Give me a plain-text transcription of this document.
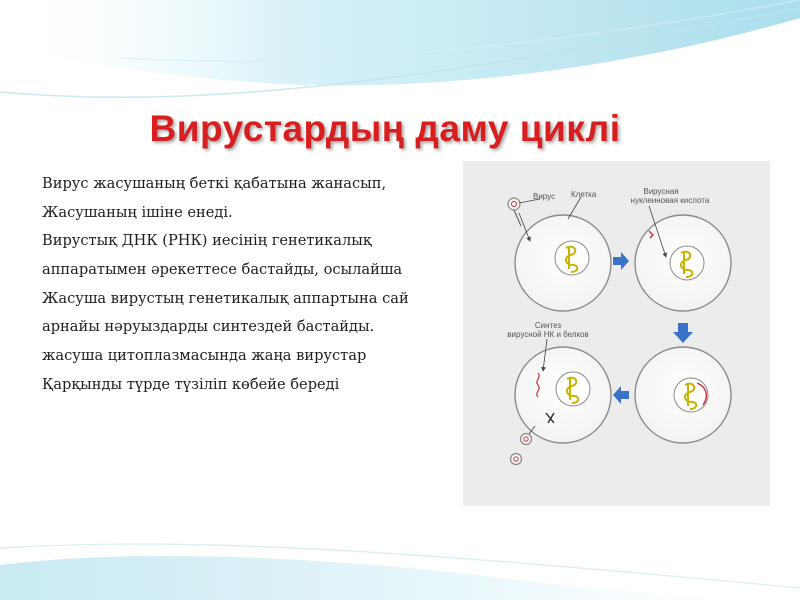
Вирустардың даму циклі
Вирус жасушаның беткі қабатына жанасып,
Жасушаның ішіне енеді.
Вирустық ДНК (РНК) иесінің генетикалық
аппаратымен әрекеттесе бастайды, осылайша
Жасуша вирустың генетикалық аппартына сай
арнайы нәруыздарды синтездей бастайды.
жасуша цитоплазмасында жаңа вирустар
Қарқынды түрде түзіліп көбейе береді
Вирус Клетка	Вирусная
нуклеиновая кислота
Синтез
вирусной НК и белков
